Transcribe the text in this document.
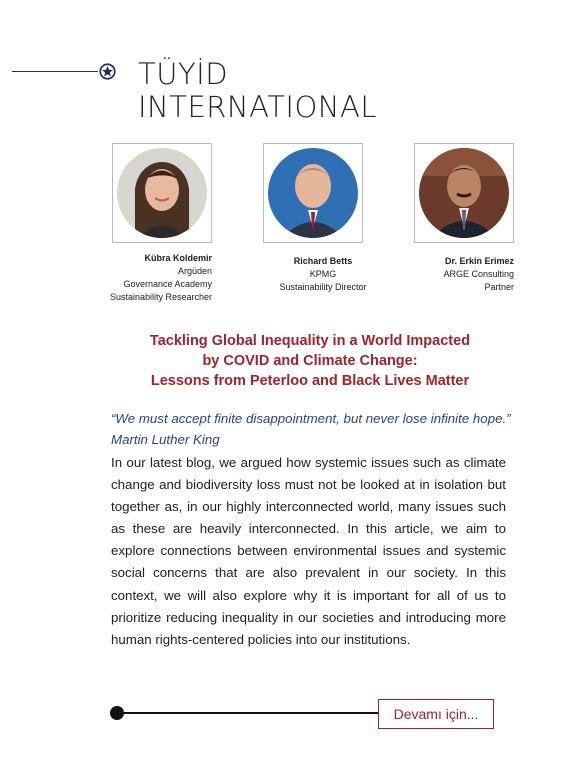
TÜYİD
INTERNATIONAL
Kübra Koldemir
Argüden
Governance Academy
Sustainability Researcher
Richard Betts
KPMG
Sustainability Director
Dr. Erkin Erimez
ARGE Consulting
Partner
Tackling Global Inequality in a World Impacted
by COVID and Climate Change:
Lessons from Peterloo and Black Lives Matter
“We must accept finite disappointment, but never lose infinite hope.” Martin Luther King
In our latest blog, we argued how systemic issues such as climate change and biodiversity loss must not be looked at in isolation but together as, in our highly interconnected world, many issues such as these are heavily interconnected. In this article, we aim to explore connections between environmental issues and systemic social concerns that are also prevalent in our society. In this context, we will also explore why it is important for all of us to prioritize reducing inequality in our societies and introducing more human rights-centered policies into our institutions.
Devamı için...
